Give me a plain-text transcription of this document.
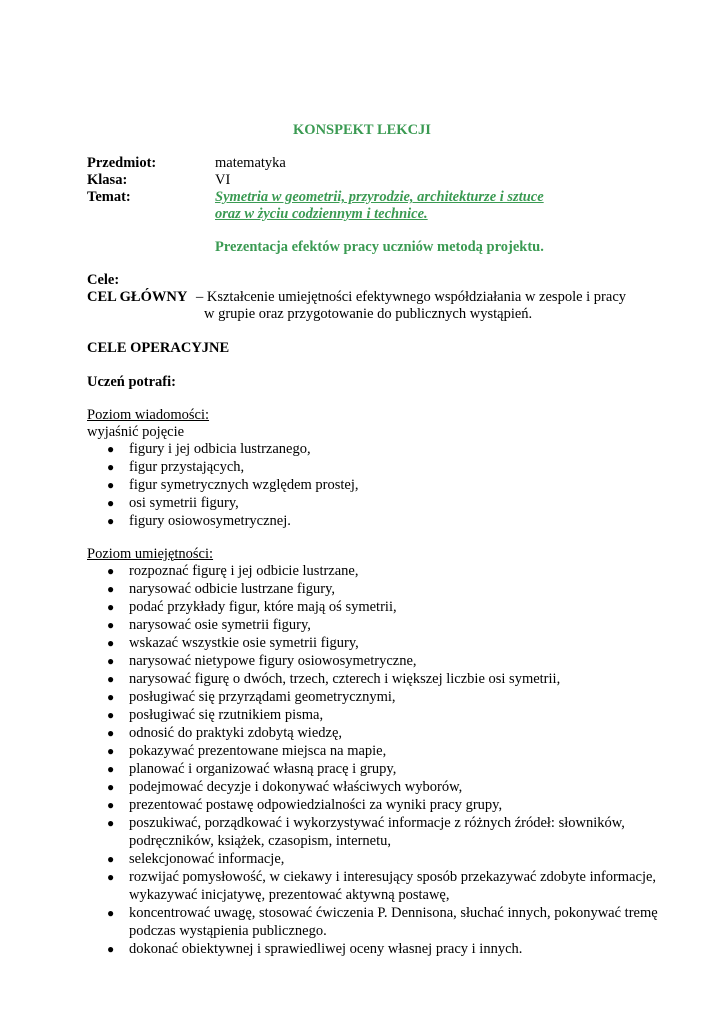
KONSPEKT LEKCJI
Przedmiot:	matematyka
Klasa:	VI
Temat:	Symetria w geometrii, przyrodzie, architekturze i sztuce
oraz w życiu codziennym i technice.
Prezentacja efektów pracy uczniów metodą projektu.
Cele:
CEL GŁÓWNY – Kształcenie umiejętności efektywnego współdziałania w zespole i pracy
w grupie oraz przygotowanie do publicznych wystąpień.
CELE OPERACYJNE
Uczeń potrafi:
Poziom wiadomości:
wyjaśnić pojęcie
● figury i jej odbicia lustrzanego,
● figur przystających,
● figur symetrycznych względem prostej,
● osi symetrii figury,
● figury osiowosymetrycznej.
Poziom umiejętności:
● rozpoznać figurę i jej odbicie lustrzane,
● narysować odbicie lustrzane figury,
● podać przykłady figur, które mają oś symetrii,
● narysować osie symetrii figury,
● wskazać wszystkie osie symetrii figury,
● narysować nietypowe figury osiowosymetryczne,
● narysować figurę o dwóch, trzech, czterech i większej liczbie osi symetrii,
● posługiwać się przyrządami geometrycznymi,
● posługiwać się rzutnikiem pisma,
● odnosić do praktyki zdobytą wiedzę,
● pokazywać prezentowane miejsca na mapie,
● planować i organizować własną pracę i grupy,
● podejmować decyzje i dokonywać właściwych wyborów,
● prezentować postawę odpowiedzialności za wyniki pracy grupy,
● poszukiwać, porządkować i wykorzystywać informacje z różnych źródeł: słowników, podręczników, książek, czasopism, internetu,
● selekcjonować informacje,
● rozwijać pomysłowość, w ciekawy i interesujący sposób przekazywać zdobyte informacje, wykazywać inicjatywę, prezentować aktywną postawę,
● koncentrować uwagę, stosować ćwiczenia P. Dennisona, słuchać innych, pokonywać tremę podczas wystąpienia publicznego.
● dokonać obiektywnej i sprawiedliwej oceny własnej pracy i innych.
